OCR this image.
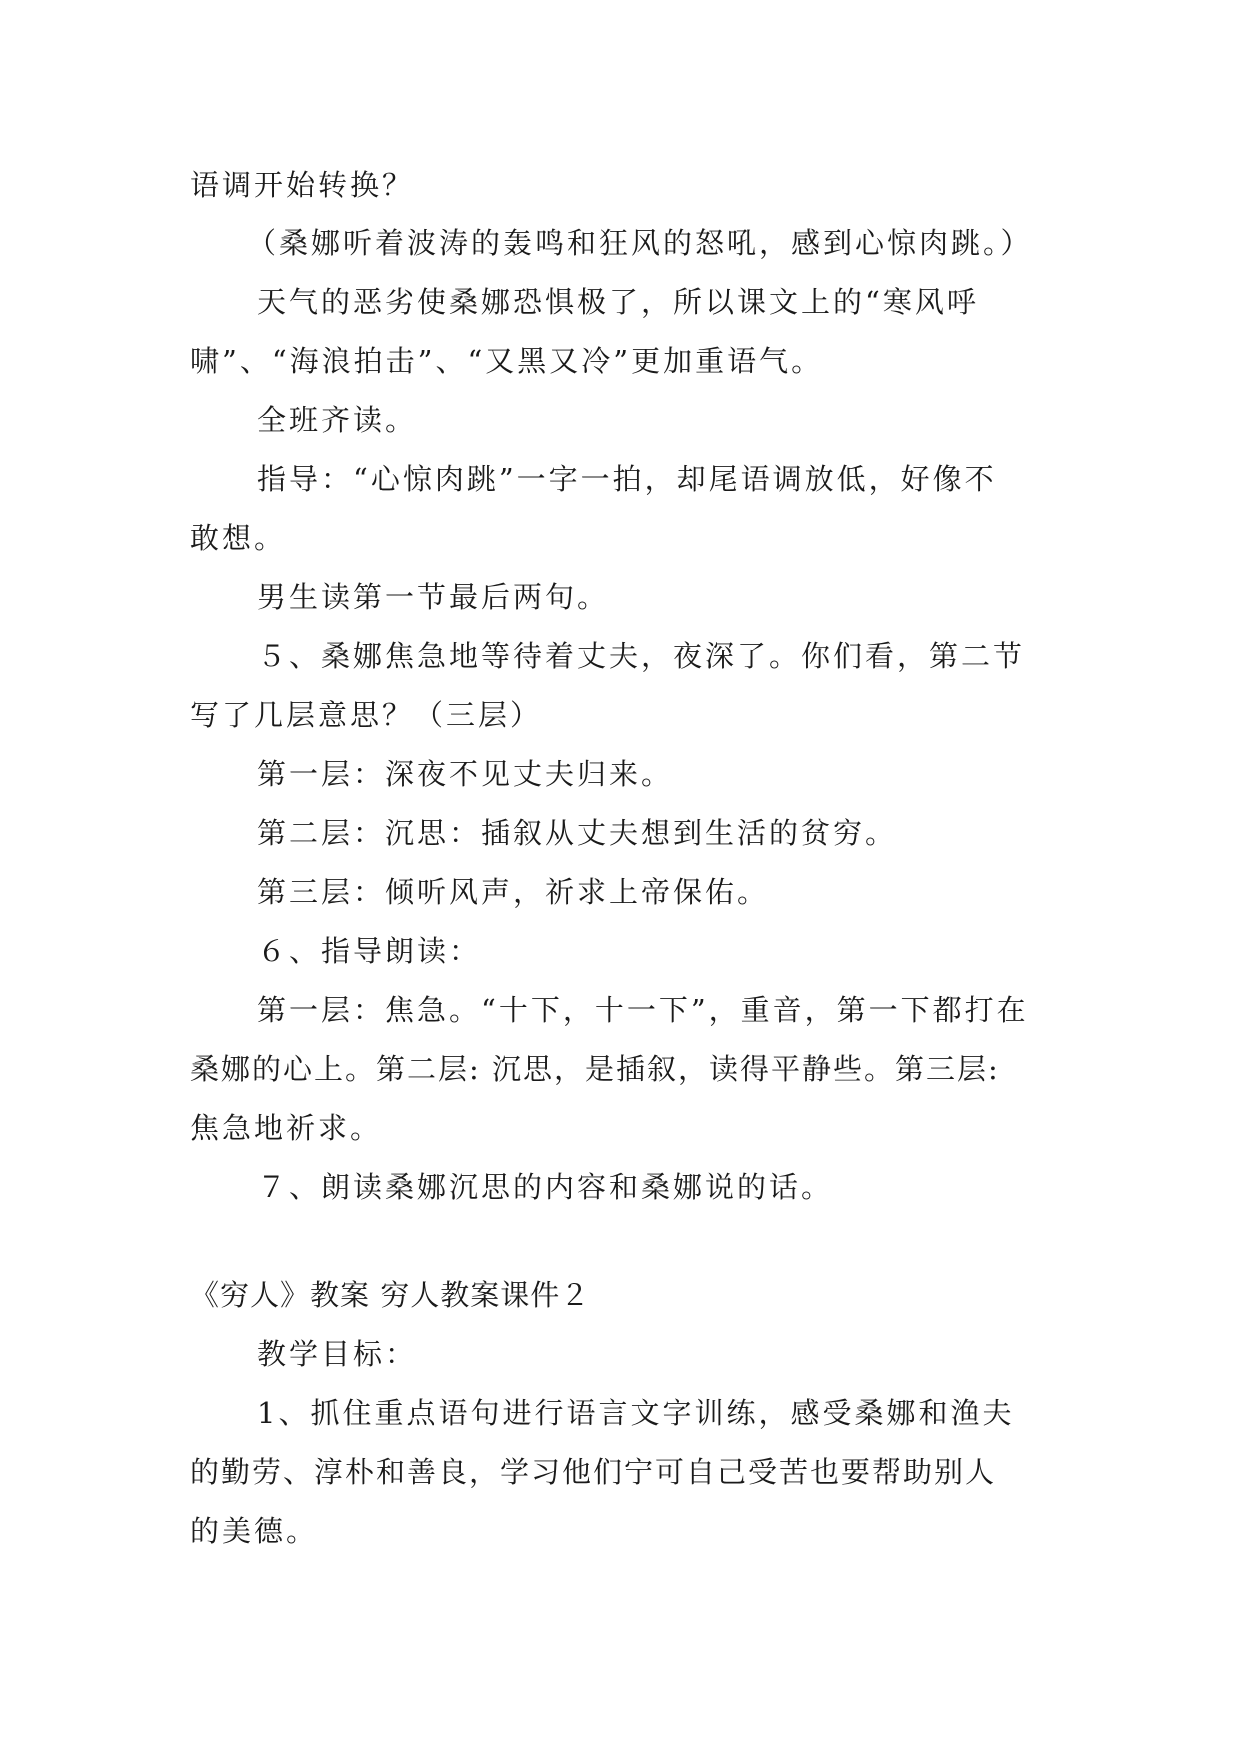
语调开始转换？
（桑娜听着波涛的轰鸣和狂风的怒吼，感到心惊肉跳。）
天气的恶劣使桑娜恐惧极了，所以课文上的“寒风呼
啸”、“海浪拍击”、“又黑又冷”更加重语气。
全班齐读。
指导：“心惊肉跳”一字一拍，却尾语调放低，好像不
敢想。
男生读第一节最后两句。
５、桑娜焦急地等待着丈夫，夜深了。你们看，第二节
写了几层意思？（三层）
第一层：深夜不见丈夫归来。
第二层：沉思：插叙从丈夫想到生活的贫穷。
第三层：倾听风声，祈求上帝保佑。
６、指导朗读：
第一层：焦急。“十下，十一下”，重音，第一下都打在
桑娜的心上。第二层: 沉思，是插叙，读得平静些。第三层:
焦急地祈求。
７、朗读桑娜沉思的内容和桑娜说的话。
《穷人》教案 穷人教案课件２
教学目标：
1、抓住重点语句进行语言文字训练，感受桑娜和渔夫
的勤劳、淳朴和善良，学习他们宁可自己受苦也要帮助别人
的美德。
